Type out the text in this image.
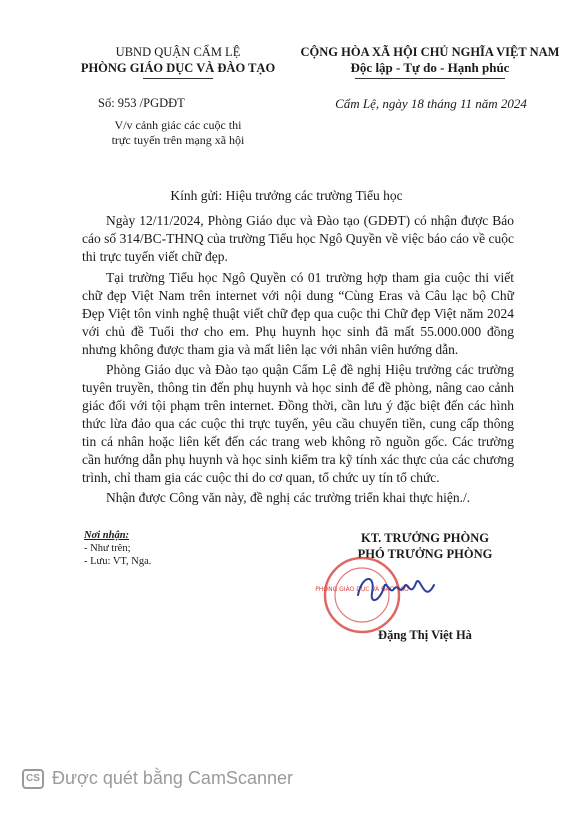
UBND QUẬN CẨM LỆ
PHÒNG GIÁO DỤC VÀ ĐÀO TẠO
CỘNG HÒA XÃ HỘI CHỦ NGHĨA VIỆT NAM
Độc lập - Tự do - Hạnh phúc
Số: 953 /PGDĐT	Cẩm Lệ, ngày 18 tháng 11 năm 2024
V/v cảnh giác các cuộc thi
trực tuyến trên mạng xã hội
Kính gửi: Hiệu trưởng các trường Tiểu học
Ngày 12/11/2024, Phòng Giáo dục và Đào tạo (GDĐT) có nhận được Báo cáo số 314/BC-THNQ của trường Tiểu học Ngô Quyền về việc báo cáo về cuộc thi trực tuyến viết chữ đẹp.
Tại trường Tiểu học Ngô Quyền có 01 trường hợp tham gia cuộc thi viết chữ đẹp Việt Nam trên internet với nội dung “Cùng Eras và Câu lạc bộ Chữ Đẹp Việt tôn vinh nghệ thuật viết chữ đẹp qua cuộc thi Chữ đẹp Việt năm 2024 với chủ đề Tuổi thơ cho em. Phụ huynh học sinh đã mất 55.000.000 đồng nhưng không được tham gia và mất liên lạc với nhân viên hướng dẫn.
Phòng Giáo dục và Đào tạo quận Cẩm Lệ đề nghị Hiệu trưởng các trường tuyên truyền, thông tin đến phụ huynh và học sinh để đề phòng, nâng cao cảnh giác đối với tội phạm trên internet. Đồng thời, cần lưu ý đặc biệt đến các hình thức lừa đảo qua các cuộc thi trực tuyến, yêu cầu chuyển tiền, cung cấp thông tin cá nhân hoặc liên kết đến các trang web không rõ nguồn gốc. Các trường cần hướng dẫn phụ huynh và học sinh kiểm tra kỹ tính xác thực của các chương trình, chỉ tham gia các cuộc thi do cơ quan, tổ chức uy tín tổ chức.
Nhận được Công văn này, đề nghị các trường triển khai thực hiện./.
Nơi nhận:
- Như trên;
- Lưu: VT, Nga.
KT. TRƯỞNG PHÒNG
PHÓ TRƯỞNG PHÒNG
PHÒNG GIÁO DỤC VÀ ĐÀO TẠO
Đặng Thị Việt Hà
CS Được quét bằng CamScanner
